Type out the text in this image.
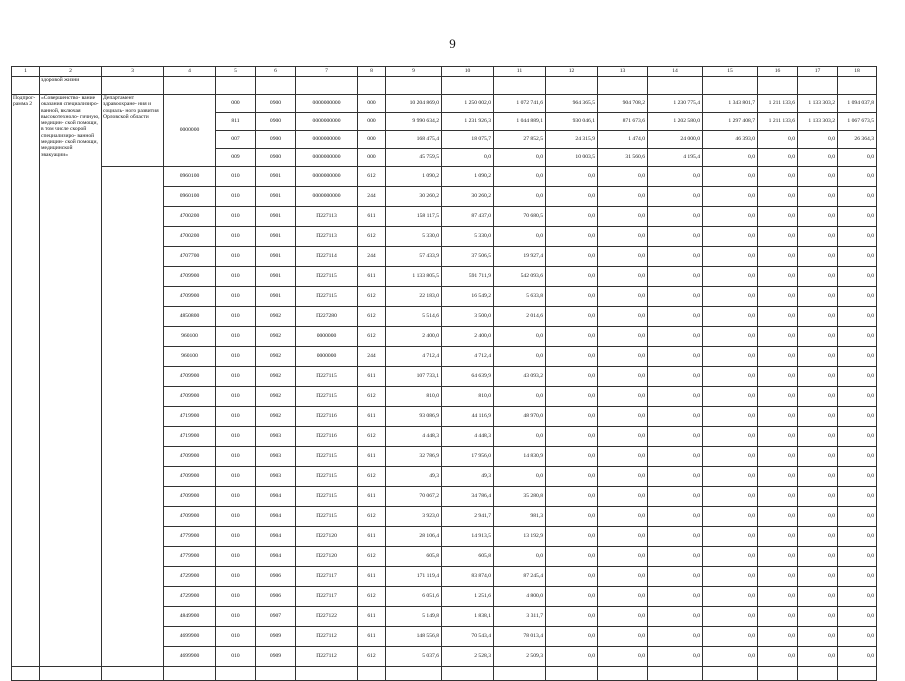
9
1	2	3	4	5	6	7	8	9	10	11	12	13	14	15	16	17	18
	здоровой жизни																
Подпрог- рамма 2	«Совершенство- вание оказания специализиро- ванной, включая высокотехноло- гичную, медицин- ской помощи, в том числе скорой специализиро- ванной медицин- ской помощи, медицинской эвакуации»	Департамент здравоохране- ния и социаль- ного развития Орловской области	0000000	000	0900	0000000000	000	10 204 869,0	1 250 002,0	1 072 741,6	964 365,5	904 708,2	1 230 775,4	1 343 801,7	1 211 133,6	1 133 303,2	1 094 037,8
				811	0900	0000000000	000	9 990 634,2	1 231 926,3	1 044 889,1	930 046,1	871 673,6	1 202 580,0	1 297 408,7	1 211 133,6	1 133 303,2	1 067 673,5
				007	0900	0000000000	000	168 475,4	18 075,7	27 852,5	24 315,9	1 474,0	24 000,0	46 393,0	0,0	0,0	26 364,3
				009	0900	0000000000	000	45 759,5	0,0	0,0	10 003,5	31 560,6	4 195,4	0,0	0,0	0,0	0,0
			0960100	010	0901	0000000000	612	1 090,2	1 090,2	0,0	0,0	0,0	0,0	0,0	0,0	0,0	0,0
			0960100	010	0901	0000000000	244	30 260,2	30 260,2	0,0	0,0	0,0	0,0	0,0	0,0	0,0	0,0
			4700200	010	0901	П227113	611	158 117,5	87 437,0	70 680,5	0,0	0,0	0,0	0,0	0,0	0,0	0,0
			4700200	010	0901	П227113	612	5 330,0	5 330,0	0,0	0,0	0,0	0,0	0,0	0,0	0,0	0,0
			4707700	010	0901	П227114	244	57 433,9	37 506,5	19 927,4	0,0	0,0	0,0	0,0	0,0	0,0	0,0
			4709900	010	0901	П227115	611	1 133 805,5	591 711,9	542 093,6	0,0	0,0	0,0	0,0	0,0	0,0	0,0
			4709900	010	0901	П227115	612	22 183,0	16 549,2	5 633,8	0,0	0,0	0,0	0,0	0,0	0,0	0,0
			4850800	010	0902	П227280	612	5 514,6	3 500,0	2 014,6	0,0	0,0	0,0	0,0	0,0	0,0	0,0
			960100	010	0902	0000000	612	2 400,0	2 400,0	0,0	0,0	0,0	0,0	0,0	0,0	0,0	0,0
			960100	010	0902	0000000	244	4 712,4	4 712,4	0,0	0,0	0,0	0,0	0,0	0,0	0,0	0,0
			4709900	010	0902	П227115	611	107 733,1	64 639,9	43 093,2	0,0	0,0	0,0	0,0	0,0	0,0	0,0
			4709900	010	0902	П227115	612	810,0	810,0	0,0	0,0	0,0	0,0	0,0	0,0	0,0	0,0
			4719900	010	0902	П227116	611	93 086,9	44 116,9	48 970,0	0,0	0,0	0,0	0,0	0,0	0,0	0,0
			4719900	010	0903	П227116	612	4 448,3	4 448,3	0,0	0,0	0,0	0,0	0,0	0,0	0,0	0,0
			4709900	010	0903	П227115	611	32 786,9	17 956,0	14 830,9	0,0	0,0	0,0	0,0	0,0	0,0	0,0
			4709900	010	0903	П227115	612	49,3	49,3	0,0	0,0	0,0	0,0	0,0	0,0	0,0	0,0
			4709900	010	0904	П227115	611	70 067,2	34 786,4	35 280,8	0,0	0,0	0,0	0,0	0,0	0,0	0,0
			4709900	010	0904	П227115	612	3 923,0	2 941,7	981,3	0,0	0,0	0,0	0,0	0,0	0,0	0,0
			4779900	010	0904	П227120	611	28 106,4	14 913,5	13 192,9	0,0	0,0	0,0	0,0	0,0	0,0	0,0
			4779900	010	0904	П227120	612	605,8	605,8	0,0	0,0	0,0	0,0	0,0	0,0	0,0	0,0
			4729900	010	0906	П227117	611	171 119,4	83 874,0	87 245,4	0,0	0,0	0,0	0,0	0,0	0,0	0,0
			4729900	010	0906	П227117	612	6 051,6	1 251,6	4 800,0	0,0	0,0	0,0	0,0	0,0	0,0	0,0
			4849900	010	0907	П227122	611	5 149,8	1 838,1	3 311,7	0,0	0,0	0,0	0,0	0,0	0,0	0,0
			4699900	010	0909	П227112	611	148 556,8	70 543,4	78 013,4	0,0	0,0	0,0	0,0	0,0	0,0	0,0
			4699900	010	0909	П227112	612	5 037,6	2 528,3	2 509,3	0,0	0,0	0,0	0,0	0,0	0,0	0,0
